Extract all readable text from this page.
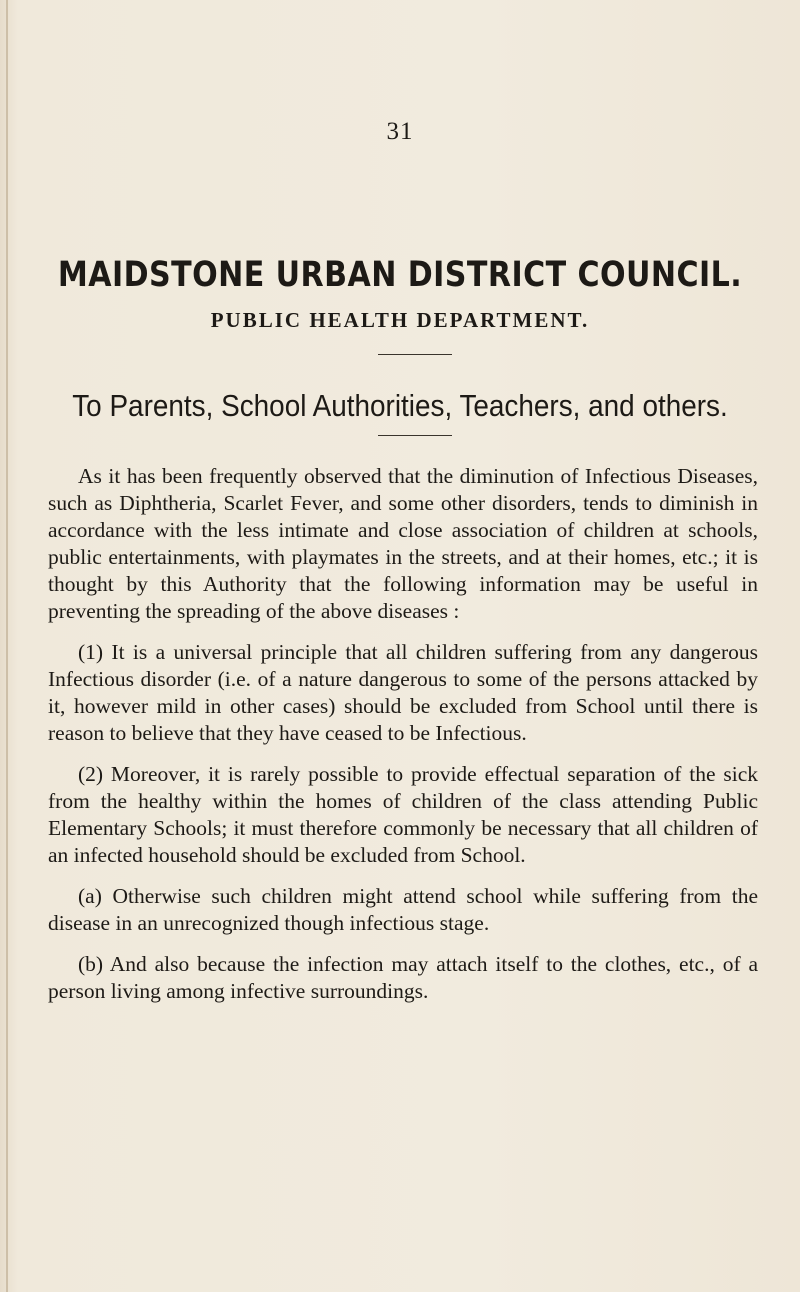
31
MAIDSTONE URBAN DISTRICT COUNCIL.
PUBLIC HEALTH DEPARTMENT.
To Parents, School Authorities, Teachers, and others.

As it has been frequently observed that the diminution of Infectious Diseases, such as Diphtheria, Scarlet Fever, and some other disorders, tends to diminish in accordance with the less intimate and close association of children at schools, public entertainments, with playmates in the streets, and at their homes, etc.; it is thought by this Authority that the following information may be useful in preventing the spreading of the above diseases :

(1) It is a universal principle that all children suffering from any dangerous Infectious disorder (i.e. of a nature dangerous to some of the persons attacked by it, however mild in other cases) should be excluded from School until there is reason to believe that they have ceased to be Infectious.

(2) Moreover, it is rarely possible to provide effectual separation of the sick from the healthy within the homes of children of the class attending Public Elementary Schools; it must therefore commonly be necessary that all children of an infected household should be excluded from School.

(a) Otherwise such children might attend school while suffering from the disease in an unrecognized though infectious stage.

(b) And also because the infection may attach itself to the clothes, etc., of a person living among infective surroundings.
